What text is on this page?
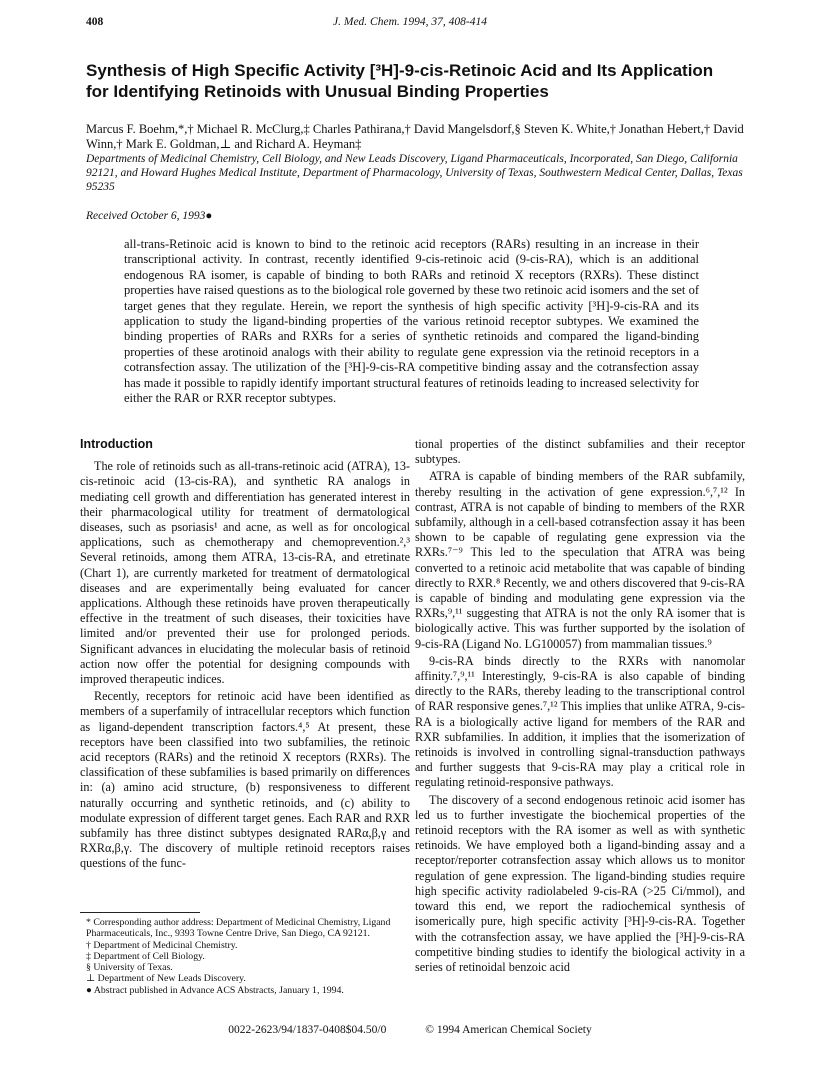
408	J. Med. Chem. 1994, 37, 408-414
Synthesis of High Specific Activity [³H]-9-cis-Retinoic Acid and Its Application for Identifying Retinoids with Unusual Binding Properties
Marcus F. Boehm,*,† Michael R. McClurg,‡ Charles Pathirana,† David Mangelsdorf,§ Steven K. White,† Jonathan Hebert,† David Winn,† Mark E. Goldman,⊥ and Richard A. Heyman‡
Departments of Medicinal Chemistry, Cell Biology, and New Leads Discovery, Ligand Pharmaceuticals, Incorporated, San Diego, California 92121, and Howard Hughes Medical Institute, Department of Pharmacology, University of Texas, Southwestern Medical Center, Dallas, Texas 95235
Received October 6, 1993●
all-trans-Retinoic acid is known to bind to the retinoic acid receptors (RARs) resulting in an increase in their transcriptional activity. In contrast, recently identified 9-cis-retinoic acid (9-cis-RA), which is an additional endogenous RA isomer, is capable of binding to both RARs and retinoid X receptors (RXRs). These distinct properties have raised questions as to the biological role governed by these two retinoic acid isomers and the set of target genes that they regulate. Herein, we report the synthesis of high specific activity [³H]-9-cis-RA and its application to study the ligand-binding properties of the various retinoid receptor subtypes. We examined the binding properties of RARs and RXRs for a series of synthetic retinoids and compared the ligand-binding properties of these arotinoid analogs with their ability to regulate gene expression via the retinoid receptors in a cotransfection assay. The utilization of the [³H]-9-cis-RA competitive binding assay and the cotransfection assay has made it possible to rapidly identify important structural features of retinoids leading to increased selectivity for either the RAR or RXR receptor subtypes.
Introduction

The role of retinoids such as all-trans-retinoic acid (ATRA), 13-cis-retinoic acid (13-cis-RA), and synthetic RA analogs in mediating cell growth and differentiation has generated interest in their pharmacological utility for treatment of dermatological diseases, such as psoriasis¹ and acne, as well as for oncological applications, such as chemotherapy and chemoprevention.²,³ Several retinoids, among them ATRA, 13-cis-RA, and etretinate (Chart 1), are currently marketed for treatment of dermatological diseases and are experimentally being evaluated for cancer applications. Although these retinoids have proven therapeutically effective in the treatment of such diseases, their toxicities have limited and/or prevented their use for prolonged periods. Significant advances in elucidating the molecular basis of retinoid action now offer the potential for designing compounds with improved therapeutic indices.

Recently, receptors for retinoic acid have been identified as members of a superfamily of intracellular receptors which function as ligand-dependent transcription factors.⁴,⁵ At present, these receptors have been classified into two subfamilies, the retinoic acid receptors (RARs) and the retinoid X receptors (RXRs). The classification of these subfamilies is based primarily on differences in: (a) amino acid structure, (b) responsiveness to different naturally occurring and synthetic retinoids, and (c) ability to modulate expression of different target genes. Each RAR and RXR subfamily has three distinct subtypes designated RARα,β,γ and RXRα,β,γ. The discovery of multiple retinoid receptors raises questions of the func-

tional properties of the distinct subfamilies and their receptor subtypes.

ATRA is capable of binding members of the RAR subfamily, thereby resulting in the activation of gene expression.⁶,⁷,¹² In contrast, ATRA is not capable of binding to members of the RXR subfamily, although in a cell-based cotransfection assay it has been shown to be capable of regulating gene expression via the RXRs.⁷⁻⁹ This led to the speculation that ATRA was being converted to a retinoic acid metabolite that was capable of binding directly to RXR.⁸ Recently, we and others discovered that 9-cis-RA is capable of binding and modulating gene expression via the RXRs,⁹,¹¹ suggesting that ATRA is not the only RA isomer that is biologically active. This was further supported by the isolation of 9-cis-RA (Ligand No. LG100057) from mammalian tissues.⁹

9-cis-RA binds directly to the RXRs with nanomolar affinity.⁷,⁹,¹¹ Interestingly, 9-cis-RA is also capable of binding directly to the RARs, thereby leading to the transcriptional control of RAR responsive genes.⁷,¹² This implies that unlike ATRA, 9-cis-RA is a biologically active ligand for members of the RAR and RXR subfamilies. In addition, it implies that the isomerization of retinoids is involved in controlling signal-transduction pathways and further suggests that 9-cis-RA may play a critical role in regulating retinoid-responsive pathways.

The discovery of a second endogenous retinoic acid isomer has led us to further investigate the biochemical properties of the retinoid receptors with the RA isomer as well as with synthetic retinoids. We have employed both a ligand-binding assay and a receptor/reporter cotransfection assay which allows us to monitor regulation of gene expression. The ligand-binding studies require high specific activity radiolabeled 9-cis-RA (>25 Ci/mmol), and toward this end, we report the radiochemical synthesis of isomerically pure, high specific activity [³H]-9-cis-RA. Together with the cotransfection assay, we have applied the [³H]-9-cis-RA competitive binding studies to identify the biological activity in a series of retinoidal benzoic acid

* Corresponding author address: Department of Medicinal Chemistry, Ligand Pharmaceuticals, Inc., 9393 Towne Centre Drive, San Diego, CA 92121.
† Department of Medicinal Chemistry.
‡ Department of Cell Biology.
§ University of Texas.
⊥ Department of New Leads Discovery.
● Abstract published in Advance ACS Abstracts, January 1, 1994.
0022-2623/94/1837-0408$04.50/0	© 1994 American Chemical Society
